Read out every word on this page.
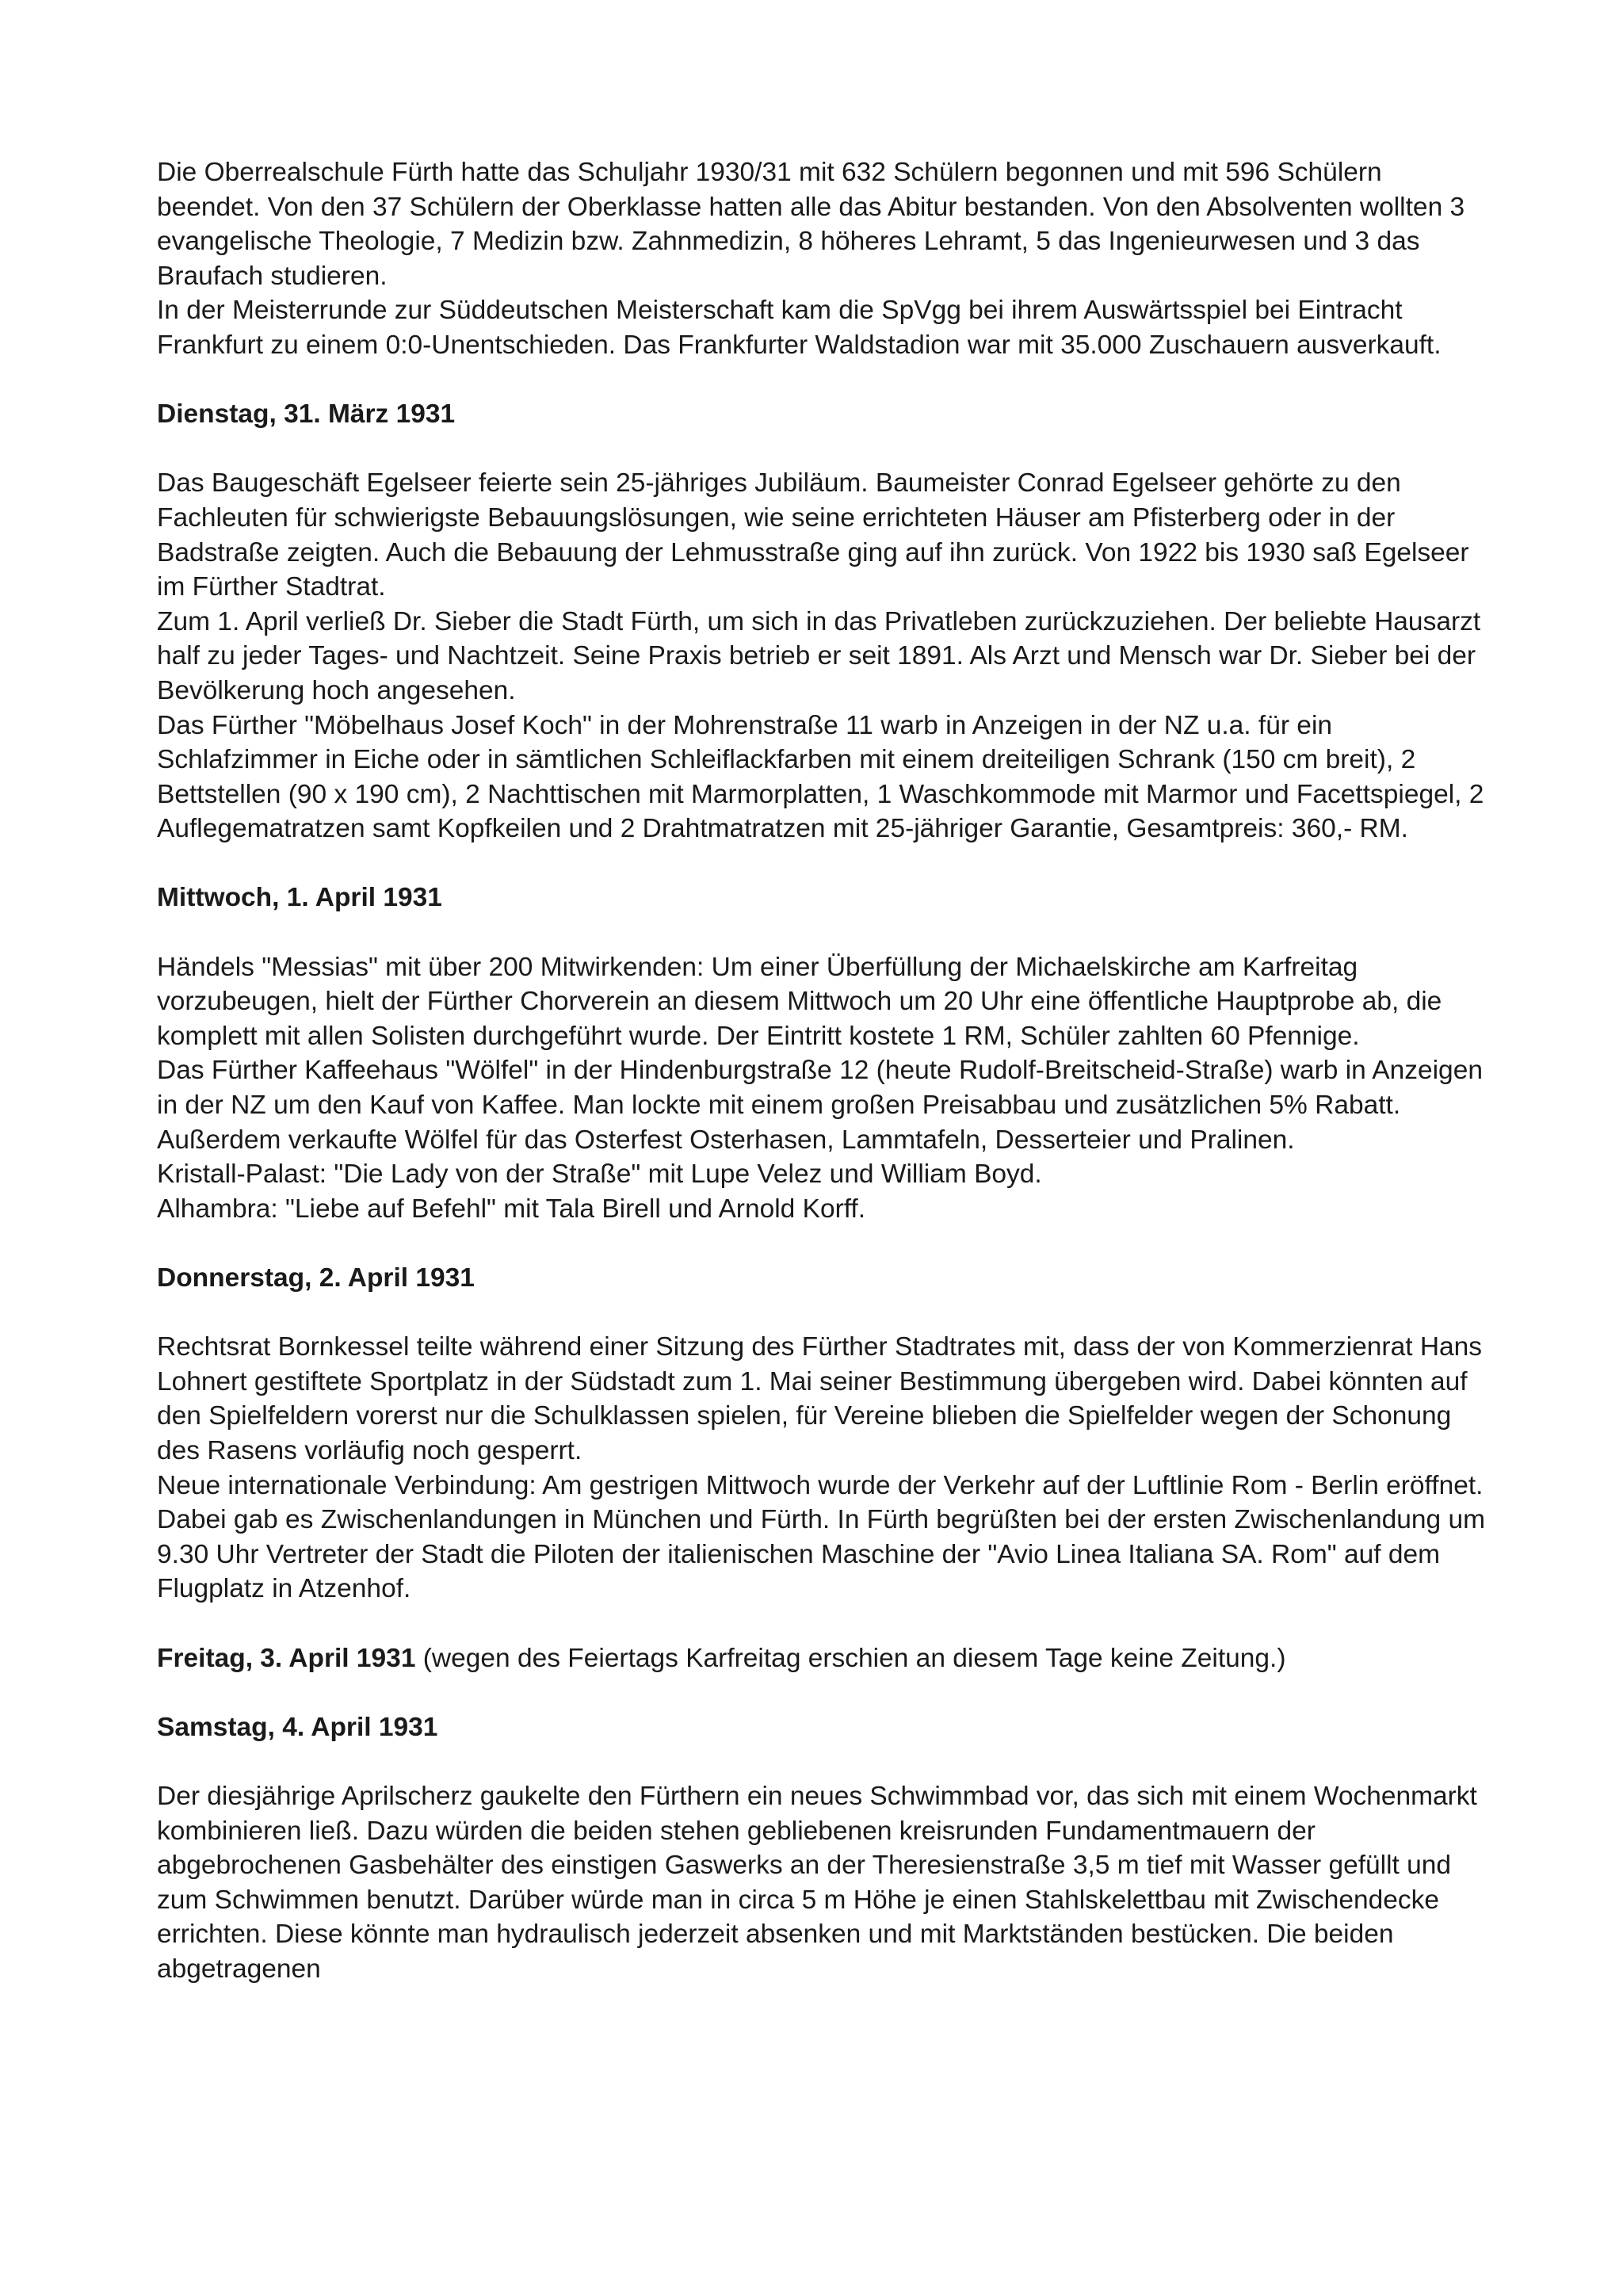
Die Oberrealschule Fürth hatte das Schuljahr 1930/31 mit 632 Schülern begonnen und mit 596 Schülern beendet. Von den 37 Schülern der Oberklasse hatten alle das Abitur bestanden. Von den Absolventen wollten 3 evangelische Theologie, 7 Medizin bzw. Zahnmedizin, 8 höheres Lehramt, 5 das Ingenieurwesen und 3 das Braufach studieren.

In der Meisterrunde zur Süddeutschen Meisterschaft kam die SpVgg bei ihrem Auswärtsspiel bei Eintracht Frankfurt zu einem 0:0-Unentschieden. Das Frankfurter Waldstadion war mit 35.000 Zuschauern ausverkauft.

Dienstag, 31. März 1931

Das Baugeschäft Egelseer feierte sein 25-jähriges Jubiläum. Baumeister Conrad Egelseer gehörte zu den Fachleuten für schwierigste Bebauungslösungen, wie seine errichteten Häuser am Pfisterberg oder in der Badstraße zeigten. Auch die Bebauung der Lehmusstraße ging auf ihn zurück. Von 1922 bis 1930 saß Egelseer im Fürther Stadtrat.

Zum 1. April verließ Dr. Sieber die Stadt Fürth, um sich in das Privatleben zurückzuziehen. Der beliebte Hausarzt half zu jeder Tages- und Nachtzeit. Seine Praxis betrieb er seit 1891. Als Arzt und Mensch war Dr. Sieber bei der Bevölkerung hoch angesehen.

Das Fürther "Möbelhaus Josef Koch" in der Mohrenstraße 11 warb in Anzeigen in der NZ u.a. für ein Schlafzimmer in Eiche oder in sämtlichen Schleiflackfarben mit einem dreiteiligen Schrank (150 cm breit), 2 Bettstellen (90 x 190 cm), 2 Nachttischen mit Marmorplatten, 1 Waschkommode mit Marmor und Facettspiegel, 2 Auflegematratzen samt Kopfkeilen und 2 Drahtmatratzen mit 25-jähriger Garantie, Gesamtpreis: 360,- RM.

Mittwoch, 1. April 1931

Händels "Messias" mit über 200 Mitwirkenden: Um einer Überfüllung der Michaelskirche am Karfreitag vorzubeugen, hielt der Fürther Chorverein an diesem Mittwoch um 20 Uhr eine öffentliche Hauptprobe ab, die komplett mit allen Solisten durchgeführt wurde. Der Eintritt kostete 1 RM, Schüler zahlten 60 Pfennige.

Das Fürther Kaffeehaus "Wölfel" in der Hindenburgstraße 12 (heute Rudolf-Breitscheid-Straße) warb in Anzeigen in der NZ um den Kauf von Kaffee. Man lockte mit einem großen Preisabbau und zusätzlichen 5% Rabatt. Außerdem verkaufte Wölfel für das Osterfest Osterhasen, Lammtafeln, Desserteier und Pralinen.

Kristall-Palast: "Die Lady von der Straße" mit Lupe Velez und William Boyd.

Alhambra: "Liebe auf Befehl" mit Tala Birell und Arnold Korff.

Donnerstag, 2. April 1931

Rechtsrat Bornkessel teilte während einer Sitzung des Fürther Stadtrates mit, dass der von Kommerzienrat Hans Lohnert gestiftete Sportplatz in der Südstadt zum 1. Mai seiner Bestimmung übergeben wird. Dabei könnten auf den Spielfeldern vorerst nur die Schulklassen spielen, für Vereine blieben die Spielfelder wegen der Schonung des Rasens vorläufig noch gesperrt.

Neue internationale Verbindung: Am gestrigen Mittwoch wurde der Verkehr auf der Luftlinie Rom - Berlin eröffnet. Dabei gab es Zwischenlandungen in München und Fürth. In Fürth begrüßten bei der ersten Zwischenlandung um 9.30 Uhr Vertreter der Stadt die Piloten der italienischen Maschine der "Avio Linea Italiana SA. Rom" auf dem Flugplatz in Atzenhof.

Freitag, 3. April 1931 (wegen des Feiertags Karfreitag erschien an diesem Tage keine Zeitung.)
Samstag, 4. April 1931

Der diesjährige Aprilscherz gaukelte den Fürthern ein neues Schwimmbad vor, das sich mit einem Wochenmarkt kombinieren ließ. Dazu würden die beiden stehen gebliebenen kreisrunden Fundamentmauern der abgebrochenen Gasbehälter des einstigen Gaswerks an der Theresienstraße 3,5 m tief mit Wasser gefüllt und zum Schwimmen benutzt. Darüber würde man in circa 5 m Höhe je einen Stahlskelettbau mit Zwischendecke errichten. Diese könnte man hydraulisch jederzeit absenken und mit Marktständen bestücken. Die beiden abgetragenen
